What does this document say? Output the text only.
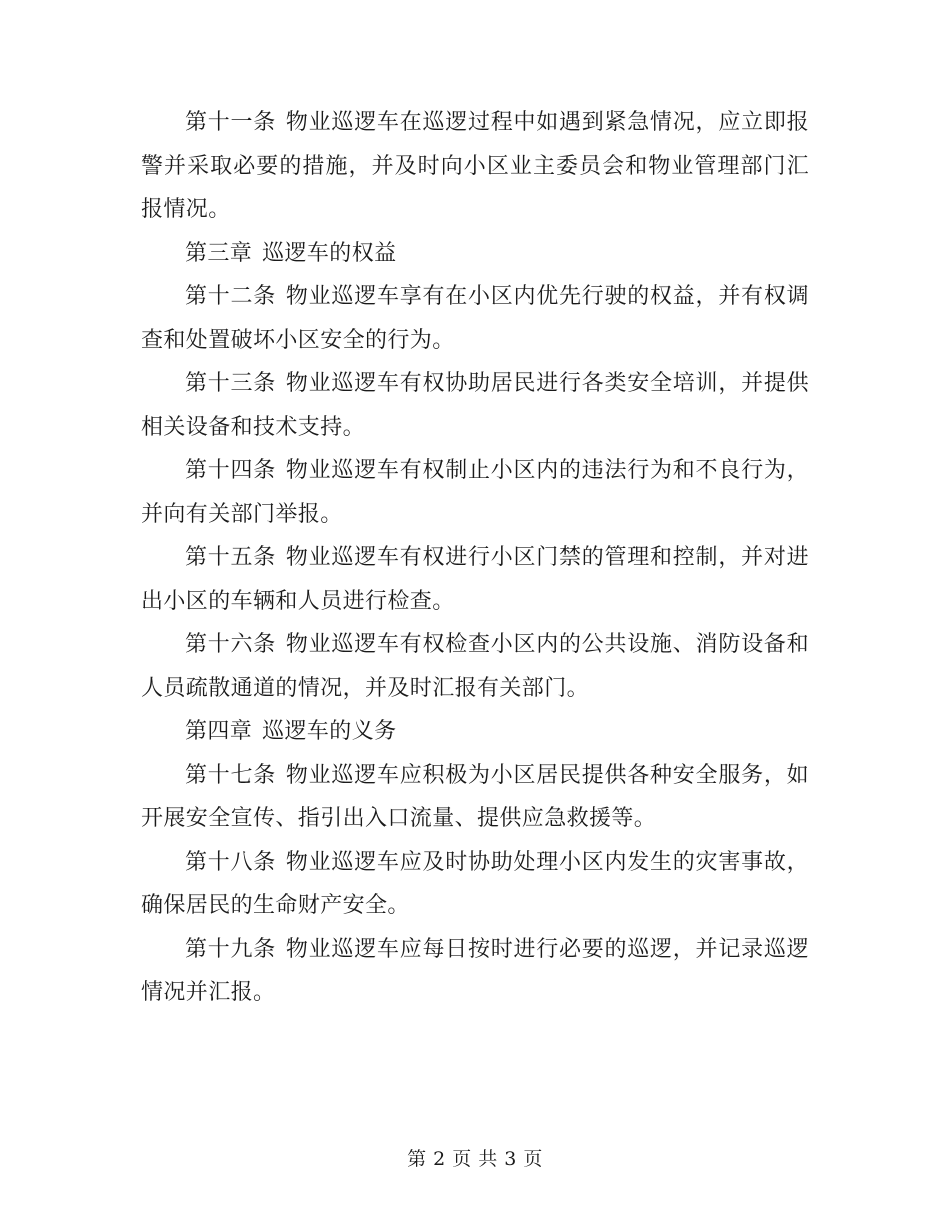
第十一条 物业巡逻车在巡逻过程中如遇到紧急情况，应立即报警并采取必要的措施，并及时向小区业主委员会和物业管理部门汇报情况。

第三章 巡逻车的权益

第十二条 物业巡逻车享有在小区内优先行驶的权益，并有权调查和处置破坏小区安全的行为。

第十三条 物业巡逻车有权协助居民进行各类安全培训，并提供相关设备和技术支持。

第十四条 物业巡逻车有权制止小区内的违法行为和不良行为，并向有关部门举报。

第十五条 物业巡逻车有权进行小区门禁的管理和控制，并对进出小区的车辆和人员进行检查。

第十六条 物业巡逻车有权检查小区内的公共设施、消防设备和人员疏散通道的情况，并及时汇报有关部门。

第四章 巡逻车的义务

第十七条 物业巡逻车应积极为小区居民提供各种安全服务，如开展安全宣传、指引出入口流量、提供应急救援等。

第十八条 物业巡逻车应及时协助处理小区内发生的灾害事故，确保居民的生命财产安全。

第十九条 物业巡逻车应每日按时进行必要的巡逻，并记录巡逻情况并汇报。

第 2 页 共 3 页
